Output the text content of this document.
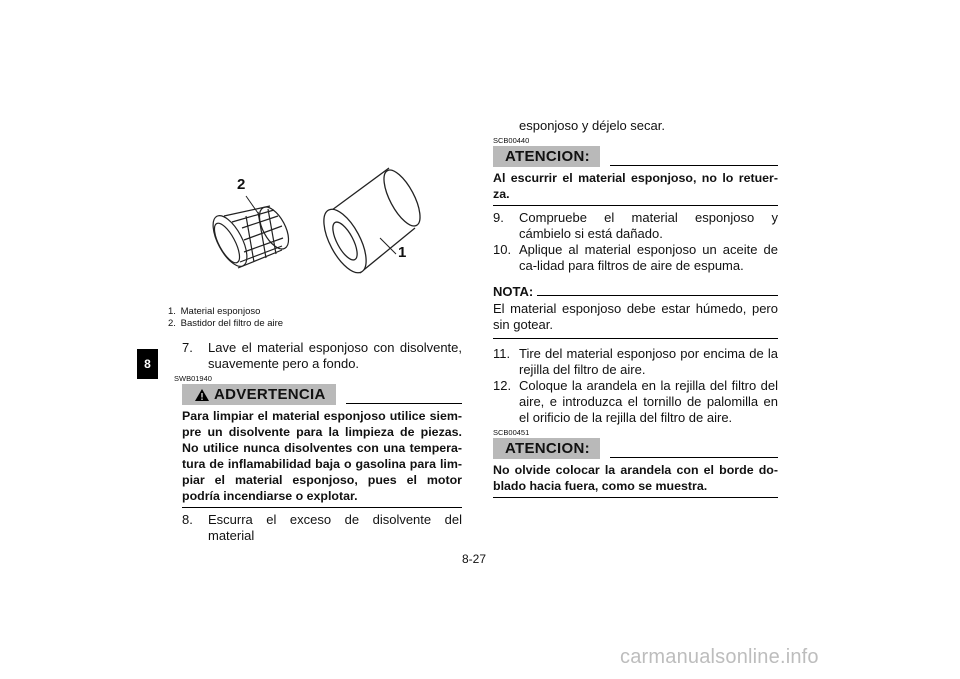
8
2
1
1.
Material esponjoso
2.
Bastidor del filtro de aire
7.	Lave el material esponjoso con disolvente, suavemente pero a fondo.
SWB01940
ADVERTENCIA
Para limpiar el material esponjoso utilice siem-pre un disolvente para la limpieza de piezas. No utilice nunca disolventes con una tempera-tura de inflamabilidad baja o gasolina para lim-piar el material esponjoso, pues el motor podría incendiarse o explotar.
8.	Escurra el exceso de disolvente del material
esponjoso y déjelo secar.
SCB00440
ATENCION:
Al escurrir el material esponjoso, no lo retuer-za.
9.	Compruebe el material esponjoso y cámbielo si está dañado.
10. Aplique al material esponjoso un aceite de ca-lidad para filtros de aire de espuma.
NOTA:
El material esponjoso debe estar húmedo, pero sin gotear.
11. Tire del material esponjoso por encima de la rejilla del filtro de aire.
12. Coloque la arandela en la rejilla del filtro del aire, e introduzca el tornillo de palomilla en el orificio de la rejilla del filtro de aire.
SCB00451
ATENCION:
No olvide colocar la arandela con el borde do-blado hacia fuera, como se muestra.
8-27
carmanualsonline.info
